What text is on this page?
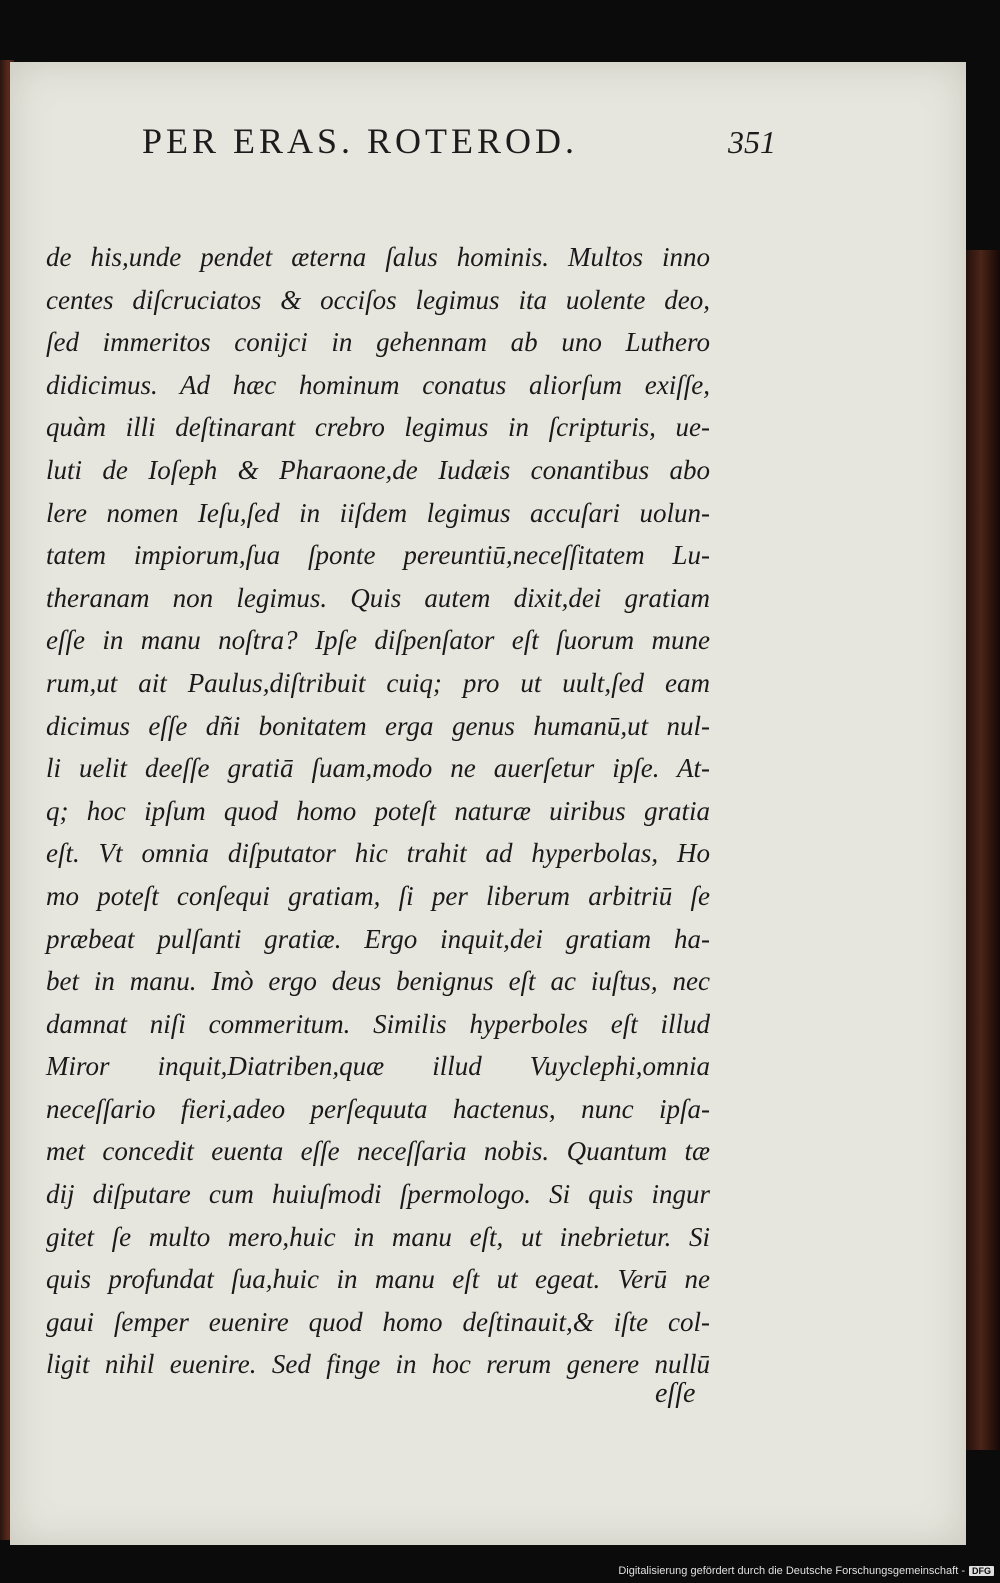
PER ERAS. ROTEROD.	351
de his,unde pendet æterna ſalus hominis. Multos inno
centes diſcruciatos & occiſos legimus ita uolente deo,
ſed immeritos conijci in gehennam ab uno Luthero
didicimus. Ad hæc hominum conatus aliorſum exiſſe,
quàm illi deſtinarant crebro legimus in ſcripturis, ue-
luti de Ioſeph & Pharaone,de Iudæis conantibus abo
lere nomen Ieſu,ſed in iiſdem legimus accuſari uolun-
tatem impiorum,ſua ſponte pereuntiū,neceſſitatem Lu-
theranam non legimus. Quis autem dixit,dei gratiam
eſſe in manu noſtra? Ipſe diſpenſator eſt ſuorum mune
rum,ut ait Paulus,diſtribuit cuiq; pro ut uult,ſed eam
dicimus eſſe dñi bonitatem erga genus humanū,ut nul-
li uelit deeſſe gratiā ſuam,modo ne auerſetur ipſe. At-
q; hoc ipſum quod homo poteſt naturæ uiribus gratia
eſt. Vt omnia diſputator hic trahit ad hyperbolas, Ho
mo poteſt conſequi gratiam, ſi per liberum arbitriū ſe
præbeat pulſanti gratiæ. Ergo inquit,dei gratiam ha-
bet in manu. Imò ergo deus benignus eſt ac iuſtus, nec
damnat niſi commeritum. Similis hyperboles eſt illud
Miror inquit,Diatriben,quæ illud Vuyclephi,omnia
neceſſario fieri,adeo perſequuta hactenus, nunc ipſa-
met concedit euenta eſſe neceſſaria nobis. Quantum tæ
dij diſputare cum huiuſmodi ſpermologo. Si quis ingur
gitet ſe multo mero,huic in manu eſt, ut inebrietur. Si
quis profundat ſua,huic in manu eſt ut egeat. Verū ne
gaui ſemper euenire quod homo deſtinauit,& iſte col-
ligit nihil euenire. Sed finge in hoc rerum genere nullū
eſſe
Digitalisierung gefördert durch die Deutsche Forschungsgemeinschaft - DFG
